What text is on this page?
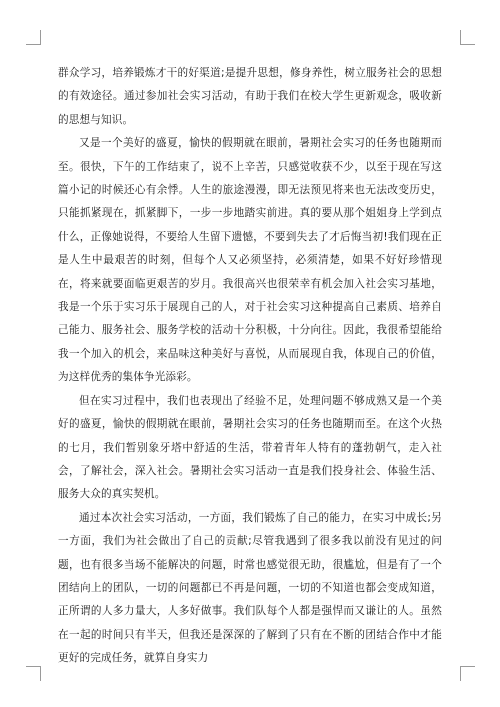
群众学习，培养锻炼才干的好渠道;是提升思想，修身养性，树立服务社会的思想的有效途径。通过参加社会实习活动，有助于我们在校大学生更新观念，吸收新的思想与知识。

又是一个美好的盛夏，愉快的假期就在眼前，暑期社会实习的任务也随期而至。很快，下午的工作结束了，说不上辛苦，只感觉收获不少，以至于现在写这篇小记的时候还心有余悸。人生的旅途漫漫，即无法预见将来也无法改变历史，只能抓紧现在，抓紧脚下，一步一步地踏实前进。真的要从那个姐姐身上学到点什么，正像她说得，不要给人生留下遗憾，不要到失去了才后悔当初!我们现在正是人生中最艰苦的时刻，但每个人又必须坚持，必须清楚，如果不好好珍惜现在，将来就要面临更艰苦的岁月。我很高兴也很荣幸有机会加入社会实习基地，我是一个乐于实习乐于展现自己的人，对于社会实习这种提高自己素质、培养自己能力、服务社会、服务学校的活动十分积极，十分向往。因此，我很希望能给我一个加入的机会，来品味这种美好与喜悦，从而展现自我，体现自己的价值，为这样优秀的集体争光添彩。

但在实习过程中，我们也表现出了经验不足，处理问题不够成熟又是一个美好的盛夏，愉快的假期就在眼前，暑期社会实习的任务也随期而至。在这个火热的七月，我们暂别象牙塔中舒适的生活，带着青年人特有的蓬勃朝气，走入社会，了解社会，深入社会。暑期社会实习活动一直是我们投身社会、体验生活、服务大众的真实契机。

通过本次社会实习活动，一方面，我们锻炼了自己的能力，在实习中成长;另一方面，我们为社会做出了自己的贡献;尽管我遇到了很多我以前没有见过的问题，也有很多当场不能解决的问题，时常也感觉很无助，很尴尬，但是有了一个团结向上的团队，一切的问题都已不再是问题，一切的不知道也都会变成知道，正所谓的人多力量大，人多好做事。我们队每个人都是强悍而又谦让的人。虽然在一起的时间只有半天，但我还是深深的了解到了只有在不断的团结合作中才能更好的完成任务，就算自身实力
